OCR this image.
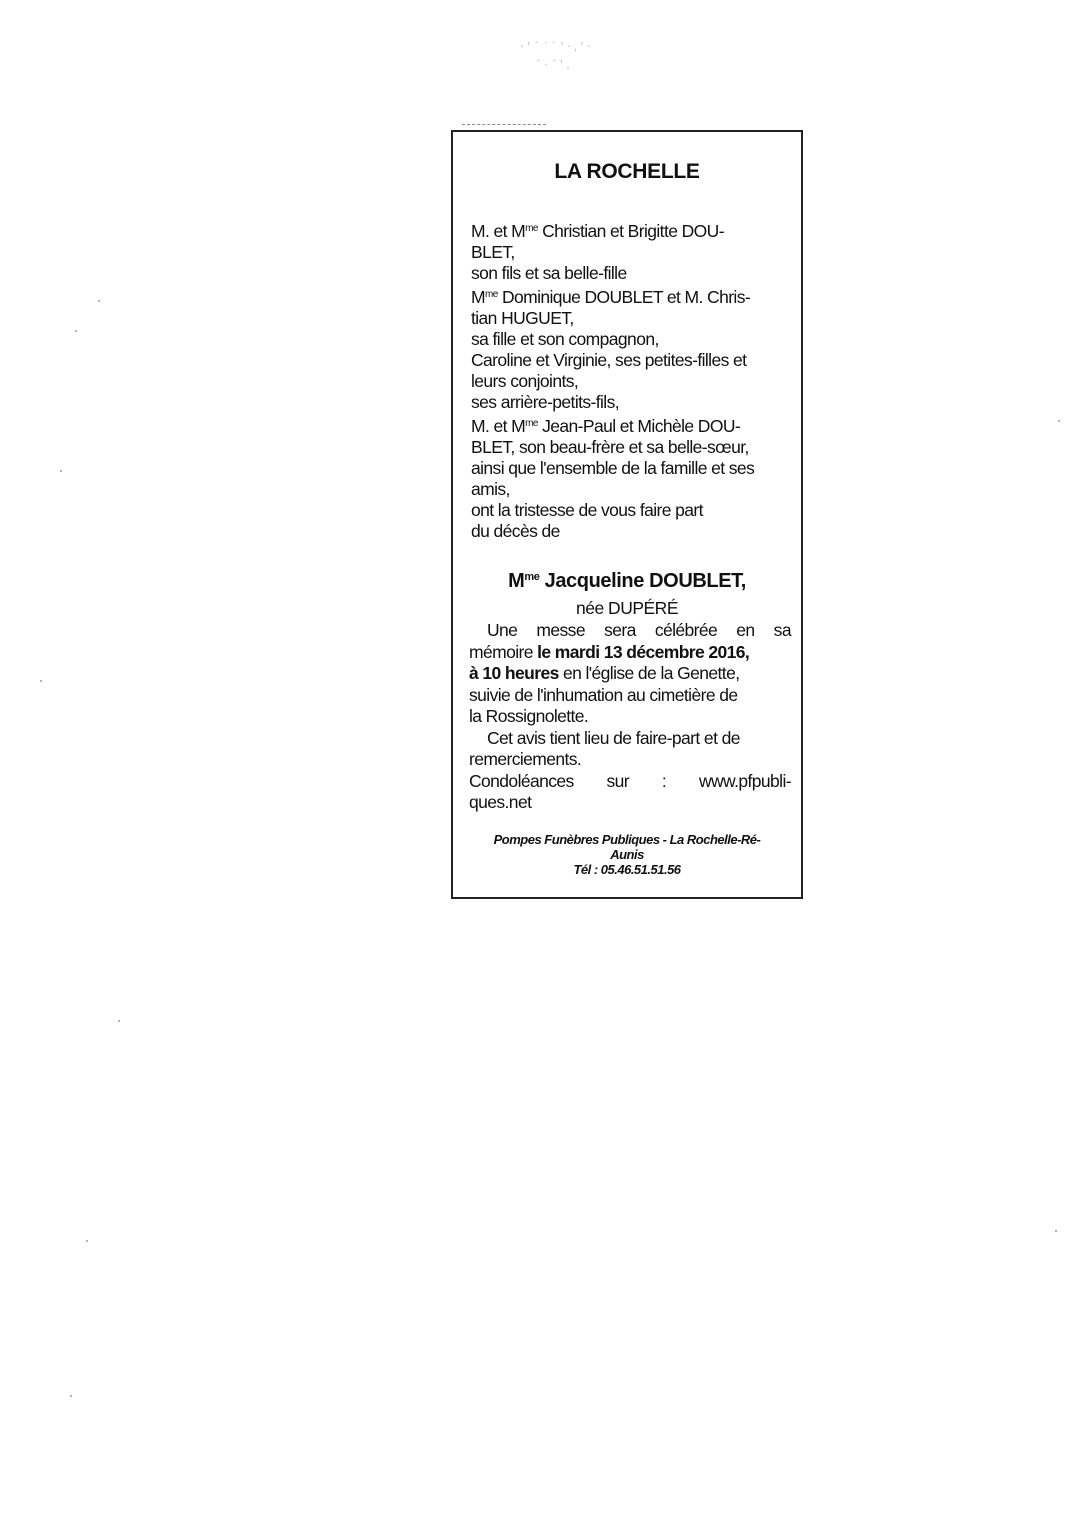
· ' ˊ ´ ` ' · ˌ ' ·
ˊ · ´ ' ˌ
LA ROCHELLE
M. et $M^{me}$ Christian et Brigitte DOU-
BLET,
son fils et sa belle-fille
$M^{me}$ Dominique DOUBLET et M. Chris-
tian HUGUET,
sa fille et son compagnon,
Caroline et Virginie, ses petites-filles et
leurs conjoints,
ses arrière-petits-fils,
M. et $M^{me}$ Jean-Paul et Michèle DOU-
BLET, son beau-frère et sa belle-sœur,
ainsi que l'ensemble de la famille et ses
amis,
ont la tristesse de vous faire part
du décès de
$M^{me}$ Jacqueline DOUBLET,
née DUPÉRÉ
Une messe sera célébrée en sa
mémoire le mardi 13 décembre 2016,
à 10 heures en l'église de la Genette,
suivie de l'inhumation au cimetière de
la Rossignolette.
Cet avis tient lieu de faire-part et de
remerciements.
Condoléances sur : www.pfpubli-
ques.net
Pompes Funèbres Publiques - La Rochelle-Ré-
Aunis
Tél : 05.46.51.51.56
